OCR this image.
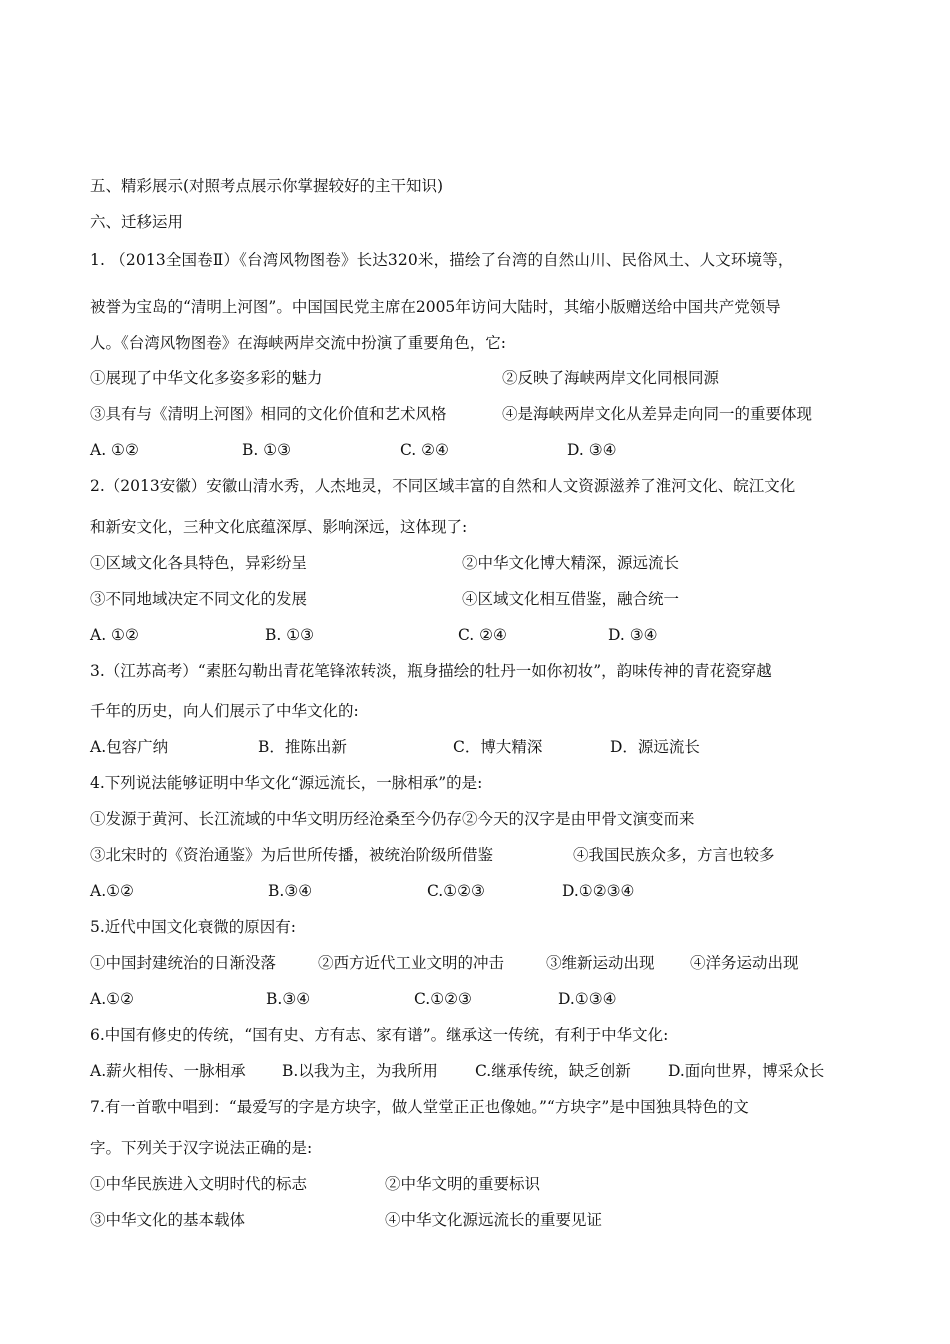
五、精彩展示(对照考点展示你掌握较好的主干知识)
六、迁移运用
1. （2013全国卷Ⅱ）《台湾风物图卷》长达320米，描绘了台湾的自然山川、民俗风土、人文环境等，
被誉为宝岛的“清明上河图”。中国国民党主席在2005年访问大陆时，其缩小版赠送给中国共产党领导
人。《台湾风物图卷》在海峡两岸交流中扮演了重要角色，它:
①展现了中华文化多姿多彩的魅力	②反映了海峡两岸文化同根同源
③具有与《清明上河图》相同的文化价值和艺术风格	④是海峡两岸文化从差异走向同一的重要体现
A. ①②	B. ①③	C. ②④	D. ③④
2.（2013安徽）安徽山清水秀，人杰地灵，不同区域丰富的自然和人文资源滋养了淮河文化、皖江文化
和新安文化，三种文化底蕴深厚、影响深远，这体现了:
①区域文化各具特色，异彩纷呈	②中华文化博大精深，源远流长
③不同地域决定不同文化的发展	④区域文化相互借鉴，融合统一
A. ①②	B. ①③	C. ②④	D. ③④
3.（江苏高考）“素胚勾勒出青花笔锋浓转淡，瓶身描绘的牡丹一如你初妆”，韵味传神的青花瓷穿越
千年的历史，向人们展示了中华文化的:
A.包容广纳	B．推陈出新	C．博大精深	D．源远流长
4.下列说法能够证明中华文化“源远流长，一脉相承”的是:
①发源于黄河、长江流域的中华文明历经沧桑至今仍存②今天的汉字是由甲骨文演变而来
③北宋时的《资治通鉴》为后世所传播，被统治阶级所借鉴	④我国民族众多，方言也较多
A.①②	B.③④	C.①②③	D.①②③④
5.近代中国文化衰微的原因有:
①中国封建统治的日渐没落	②西方近代工业文明的冲击	③维新运动出现 ④洋务运动出现
A.①②	B.③④	C.①②③	D.①③④
6.中国有修史的传统，“国有史、方有志、家有谱”。继承这一传统，有利于中华文化:
A.薪火相传、一脉相承 B.以我为主，为我所用 C.继承传统，缺乏创新 D.面向世界，博采众长
7.有一首歌中唱到：“最爱写的字是方块字，做人堂堂正正也像她。”“方块字”是中国独具特色的文
字。下列关于汉字说法正确的是:
①中华民族进入文明时代的标志	②中华文明的重要标识
③中华文化的基本载体	④中华文化源远流长的重要见证
